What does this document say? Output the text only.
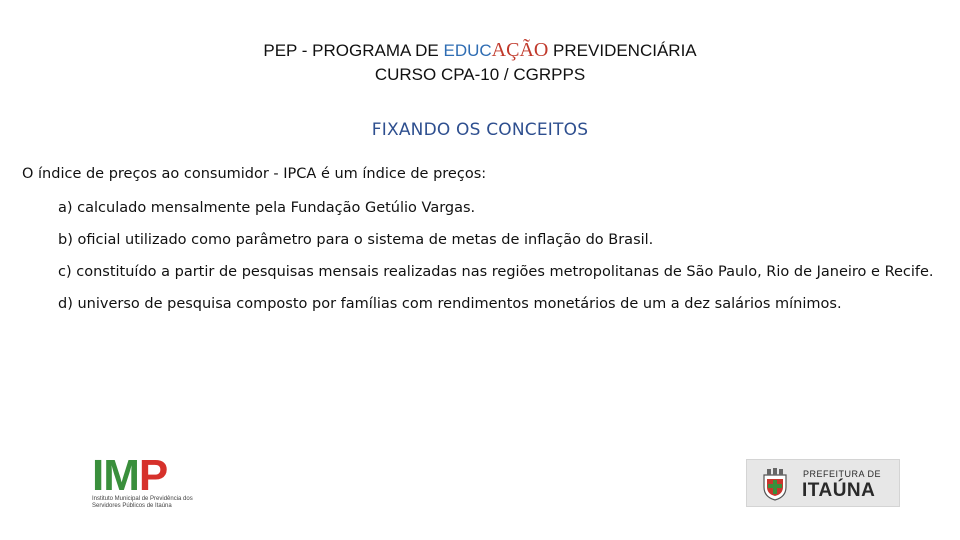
PEP - PROGRAMA DE EDUCAÇÃO PREVIDENCIÁRIA
CURSO CPA-10 / CGRPPS
FIXANDO OS CONCEITOS
O índice de preços ao consumidor - IPCA é um índice de preços:
a) calculado mensalmente pela Fundação Getúlio Vargas.
b) oficial utilizado como parâmetro para o sistema de metas de inflação do Brasil.
c) constituído a partir de pesquisas mensais realizadas nas regiões metropolitanas de São Paulo, Rio de Janeiro e Recife.
d) universo de pesquisa composto por famílias com rendimentos monetários de um a dez salários mínimos.
IMP
Instituto Municipal de Previdência dos Servidores Públicos de Itaúna
PREFEITURA DE
ITAÚNA
